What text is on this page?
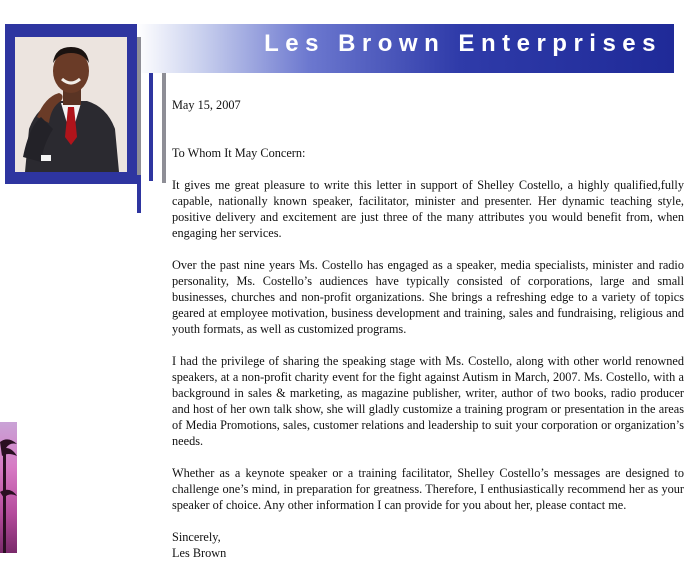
Les Brown Enterprises

May 15, 2007

To Whom It May Concern:

It gives me great pleasure to write this letter in support of Shelley Costello, a highly qualified,fully capable, nationally known speaker, facilitator, minister and presenter. Her dynamic teaching style, positive delivery and excitement are just three of the many attributes you would benefit from, when engaging her services.

Over the past nine years Ms. Costello has engaged as a speaker, media specialists, minister and radio personality, Ms. Costello’s audiences have typically consisted of corporations, large and small businesses, churches and non-profit organizations. She brings a refreshing edge to a variety of topics geared at employee motivation, business development and training, sales and fundraising, religious and youth formats, as well as customized programs.

I had the privilege of sharing the speaking stage with Ms. Costello, along with other world renowned speakers, at a non-profit charity event for the fight against Autism in March, 2007. Ms. Costello, with a background in sales & marketing, as magazine publisher, writer, author of two books, radio producer and host of her own talk show, she will gladly customize a training program or presentation in the areas of Media Promotions, sales, customer relations and leadership to suit your corporation or organization’s needs.

Whether as a keynote speaker or a training facilitator, Shelley Costello’s messages are designed to challenge one’s mind, in preparation for greatness. Therefore, I enthusiastically recommend her as your speaker of choice. Any other information I can provide for you about her, please contact me.

Sincerely,

Les Brown
